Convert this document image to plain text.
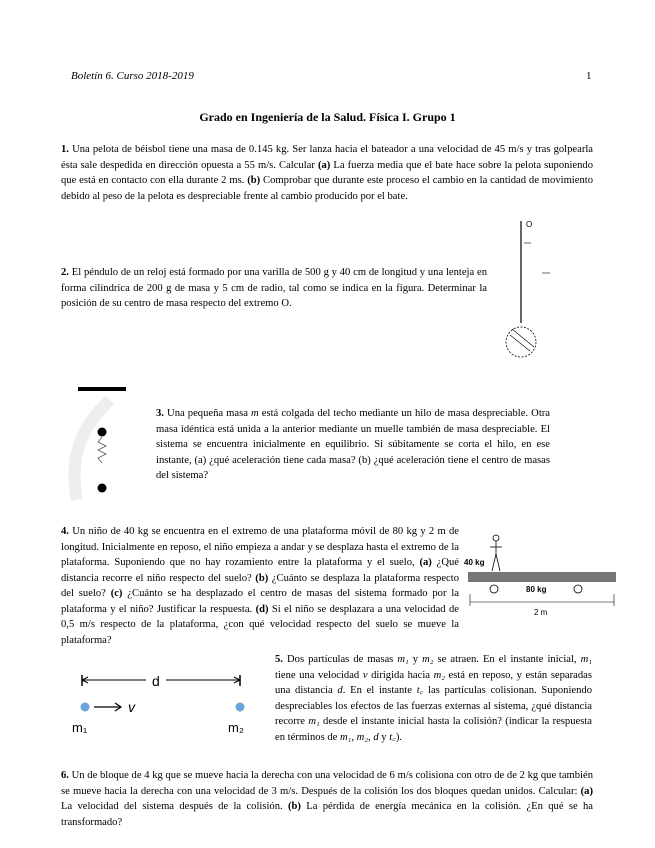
Boletín 6. Curso 2018-2019	1
Grado en Ingeniería de la Salud. Física I. Grupo 1

1. Una pelota de béisbol tiene una masa de 0.145 kg. Ser lanza hacia el bateador a una velocidad de 45 m/s y tras golpearla ésta sale despedida en dirección opuesta a 55 m/s. Calcular (a) La fuerza media que el bate hace sobre la pelota suponiendo que está en contacto con ella durante 2 ms. (b) Comprobar que durante este proceso el cambio en la cantidad de movimiento debido al peso de la pelota es despreciable frente al cambio producido por el bate.

2. El péndulo de un reloj está formado por una varilla de 500 g y 40 cm de longitud y una lenteja en forma cilíndrica de 200 g de masa y 5 cm de radio, tal como se indica en la figura. Determinar la posición de su centro de masa respecto del extremo O.

O

3. Una pequeña masa m está colgada del techo mediante un hilo de masa despreciable. Otra masa idéntica está unida a la anterior mediante un muelle también de masa despreciable. El sistema se encuentra inicialmente en equilibrio. Si súbitamente se corta el hilo, en ese instante, (a) ¿qué aceleración tiene cada masa? (b) ¿qué aceleración tiene el centro de masas del sistema?

4. Un niño de 40 kg se encuentra en el extremo de una plataforma móvil de 80 kg y 2 m de longitud. Inicialmente en reposo, el niño empieza a andar y se desplaza hasta el extremo de la plataforma. Suponiendo que no hay rozamiento entre la plataforma y el suelo, (a) ¿Qué distancia recorre el niño respecto del suelo? (b) ¿Cuánto se desplaza la plataforma respecto del suelo? (c) ¿Cuánto se ha desplazado el centro de masas del sistema formado por la plataforma y el niño? Justificar la respuesta. (d) Si el niño se desplazara a una velocidad de 0,5 m/s respecto de la plataforma, ¿con qué velocidad respecto del suelo se mueve la plataforma?

40 kg
80 kg
2 m
d
v
m₁	m₂

5. Dos partículas de masas m₁ y m₂ se atraen. En el instante inicial, m₁ tiene una velocidad v dirigida hacia m₂ está en reposo, y están separadas una distancia d. En el instante t꜀ las partículas colisionan. Suponiendo despreciables los efectos de las fuerzas externas al sistema, ¿qué distancia recorre m₁ desde el instante inicial hasta la colisión? (indicar la respuesta en términos de m₁, m₂, d y t꜀).

6. Un de bloque de 4 kg que se mueve hacia la derecha con una velocidad de 6 m/s colisiona con otro de de 2 kg que también se mueve hacia la derecha con una velocidad de 3 m/s. Después de la colisión los dos bloques quedan unidos. Calcular: (a) La velocidad del sistema después de la colisión. (b) La pérdida de energía mecánica en la colisión. ¿En qué se ha transformado?
